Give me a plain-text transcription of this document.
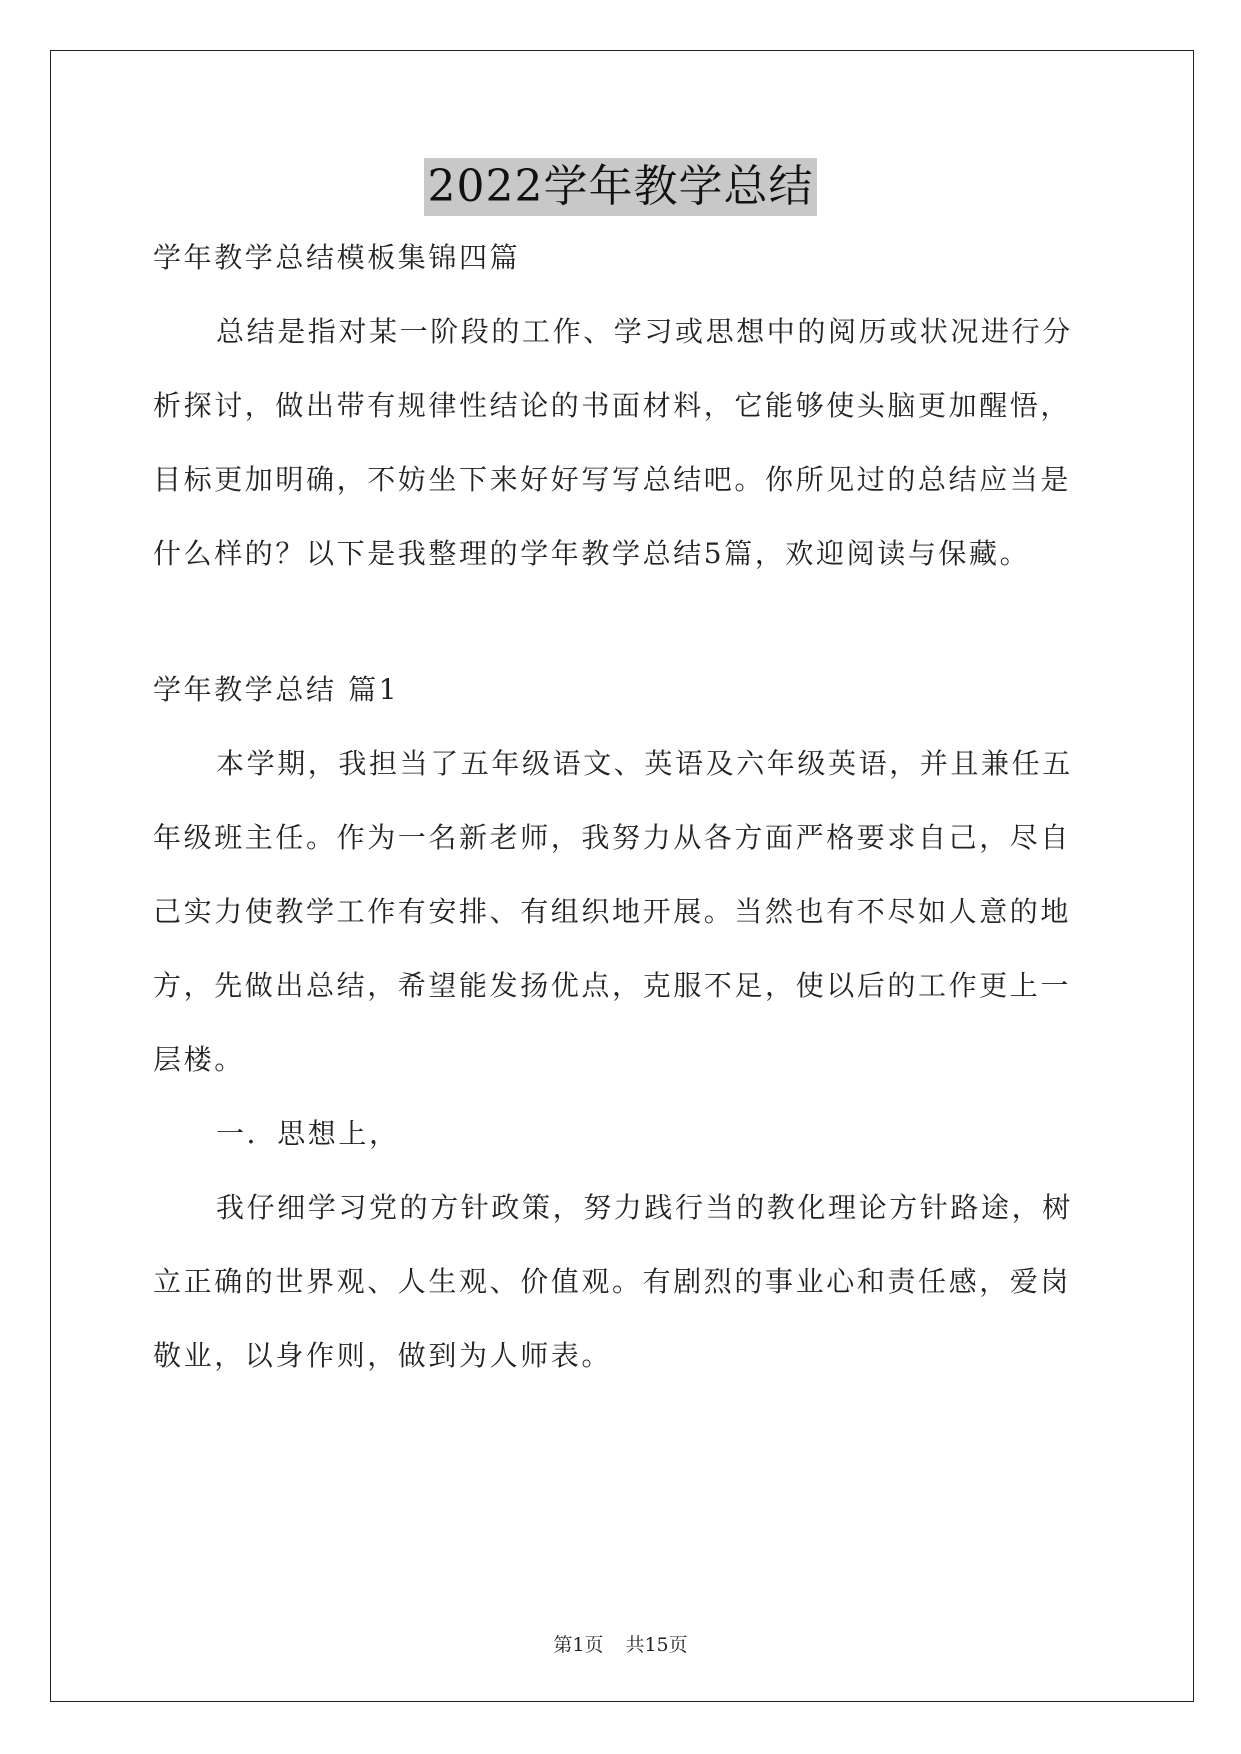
2022学年教学总结
学年教学总结模板集锦四篇
总结是指对某一阶段的工作、学习或思想中的阅历或状况进行分
析探讨，做出带有规律性结论的书面材料，它能够使头脑更加醒悟，
目标更加明确，不妨坐下来好好写写总结吧。你所见过的总结应当是
什么样的？以下是我整理的学年教学总结5篇，欢迎阅读与保藏。
学年教学总结 篇1
本学期，我担当了五年级语文、英语及六年级英语，并且兼任五
年级班主任。作为一名新老师，我努力从各方面严格要求自己，尽自
己实力使教学工作有安排、有组织地开展。当然也有不尽如人意的地
方，先做出总结，希望能发扬优点，克服不足，使以后的工作更上一
层楼。
一．思想上，
我仔细学习党的方针政策，努力践行当的教化理论方针路途，树
立正确的世界观、人生观、价值观。有剧烈的事业心和责任感，爱岗
敬业，以身作则，做到为人师表。
第1页 共15页
